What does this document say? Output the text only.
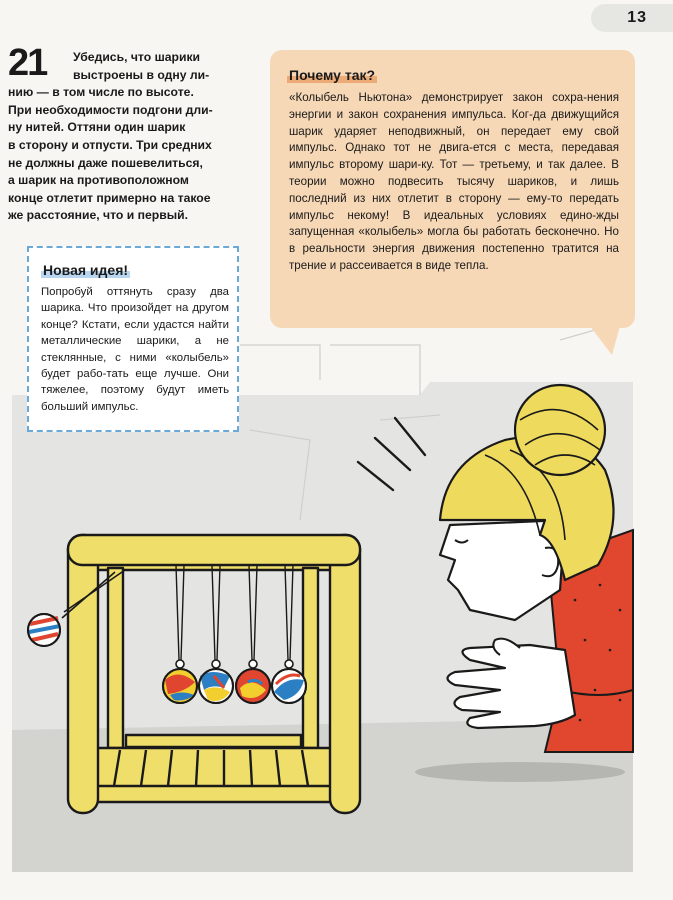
13
21	Убедись, что шарики
выстроены в одну ли-
нию — в том числе по высоте.
При необходимости подгони дли-
ну нитей. Оттяни один шарик
в сторону и отпусти. Три средних
не должны даже пошевелиться,
а шарик на противоположном
конце отлетит примерно на такое
же расстояние, что и первый.

Новая идея!

Попробуй оттянуть сразу два шарика. Что произойдет на другом конце? Кстати, если удастся найти металлические шарики, а не стеклянные, с ними «колыбель» будет рабо-тать еще лучше. Они тяжелее, поэтому будут иметь больший импульс.

Почему так?

«Колыбель Ньютона» демонстрирует закон сохра-нения энергии и закон сохранения импульса. Ког-да движущийся шарик ударяет неподвижный, он передает ему свой импульс. Однако тот не двига-ется с места, передавая импульс второму шари-ку. Тот — третьему, и так далее. В теории можно подвесить тысячу шариков, и лишь последний из них отлетит в сторону — ему-то передать импульс некому! В идеальных условиях едино-жды запущенная «колыбель» могла бы работать бесконечно. Но в реальности энергия движения постепенно тратится на трение и рассеивается в виде тепла.
